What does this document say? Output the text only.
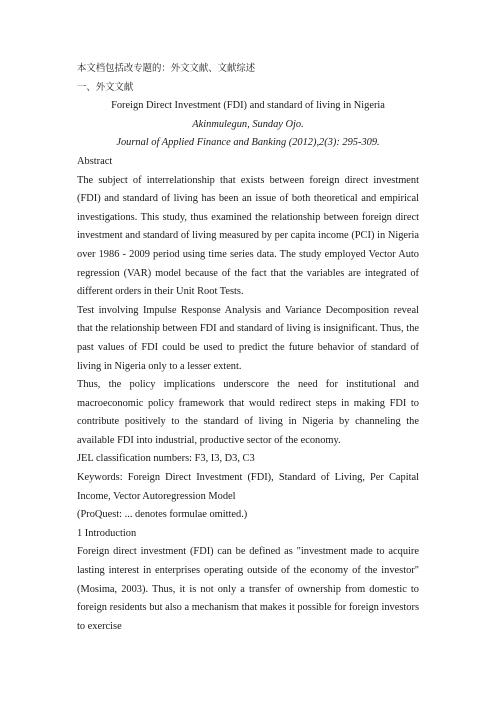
本文档包括改专题的：外文文献、文献综述
一、外文文献
Foreign Direct Investment (FDI) and standard of living in Nigeria
Akinmulegun, Sunday Ojo.
Journal of Applied Finance and Banking (2012),2(3): 295-309.
Abstract
The subject of interrelationship that exists between foreign direct investment (FDI) and standard of living has been an issue of both theoretical and empirical investigations. This study, thus examined the relationship between foreign direct investment and standard of living measured by per capita income (PCI) in Nigeria over 1986 - 2009 period using time series data. The study employed Vector Auto regression (VAR) model because of the fact that the variables are integrated of different orders in their Unit Root Tests.
Test involving Impulse Response Analysis and Variance Decomposition reveal that the relationship between FDI and standard of living is insignificant. Thus, the past values of FDI could be used to predict the future behavior of standard of living in Nigeria only to a lesser extent.
Thus, the policy implications underscore the need for institutional and macroeconomic policy framework that would redirect steps in making FDI to contribute positively to the standard of living in Nigeria by channeling the available FDI into industrial, productive sector of the economy.
JEL classification numbers: F3, I3, D3, C3
Keywords: Foreign Direct Investment (FDI), Standard of Living, Per Capital Income, Vector Autoregression Model
(ProQuest: ... denotes formulae omitted.)
1 Introduction
Foreign direct investment (FDI) can be defined as "investment made to acquire lasting interest in enterprises operating outside of the economy of the investor" (Mosima, 2003). Thus, it is not only a transfer of ownership from domestic to foreign residents but also a mechanism that makes it possible for foreign investors to exercise
